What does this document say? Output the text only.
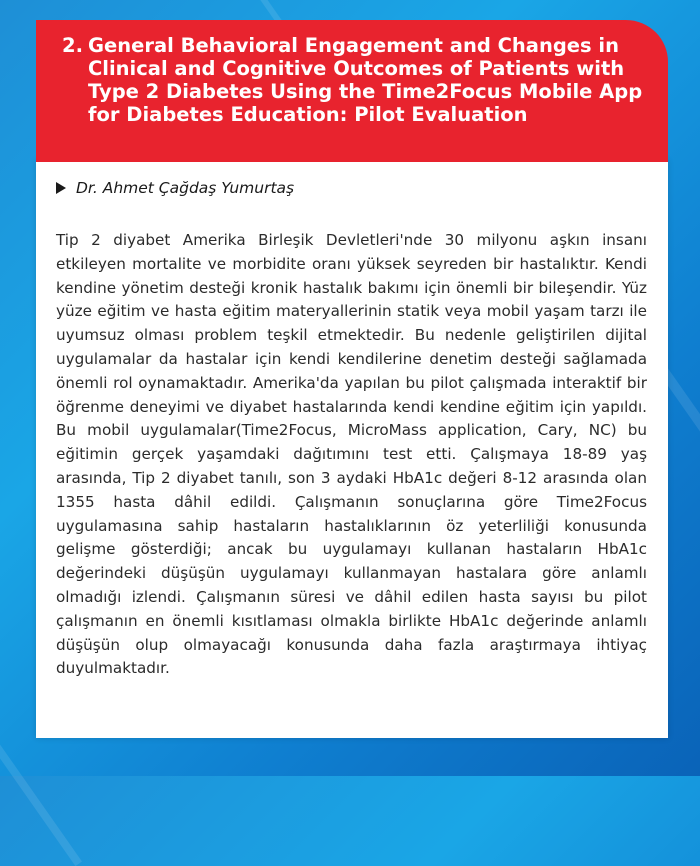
2. General Behavioral Engagement and Changes in Clinical and Cognitive Outcomes of Patients with Type 2 Diabetes Using the Time2Focus Mobile App for Diabetes Education: Pilot Evaluation
Dr. Ahmet Çağdaş Yumurtaş

Tip 2 diyabet Amerika Birleşik Devletleri'nde 30 milyonu aşkın insanı etkileyen mortalite ve morbidite oranı yüksek seyreden bir hastalıktır. Kendi kendine yönetim desteği kronik hastalık bakımı için önemli bir bileşendir. Yüz yüze eğitim ve hasta eğitim materyallerinin statik veya mobil yaşam tarzı ile uyumsuz olması problem teşkil etmektedir. Bu nedenle geliştirilen dijital uygulamalar da hastalar için kendi kendilerine denetim desteği sağlamada önemli rol oynamaktadır. Amerika'da yapılan bu pilot çalışmada interaktif bir öğrenme deneyimi ve diyabet hastalarında kendi kendine eğitim için yapıldı. Bu mobil uygulamalar(Time2Focus, MicroMass application, Cary, NC) bu eğitimin gerçek yaşamdaki dağıtımını test etti. Çalışmaya 18-89 yaş arasında, Tip 2 diyabet tanılı, son 3 aydaki HbA1c değeri 8-12 arasında olan 1355 hasta dâhil edildi. Çalışmanın sonuçlarına göre Time2Focus uygulamasına sahip hastaların hastalıklarının öz yeterliliği konusunda gelişme gösterdiği; ancak bu uygulamayı kullanan hastaların HbA1c değerindeki düşüşün uygulamayı kullanmayan hastalara göre anlamlı olmadığı izlendi. Çalışmanın süresi ve dâhil edilen hasta sayısı bu pilot çalışmanın en önemli kısıtlaması olmakla birlikte HbA1c değerinde anlamlı düşüşün olup olmayacağı konusunda daha fazla araştırmaya ihtiyaç duyulmaktadır.
